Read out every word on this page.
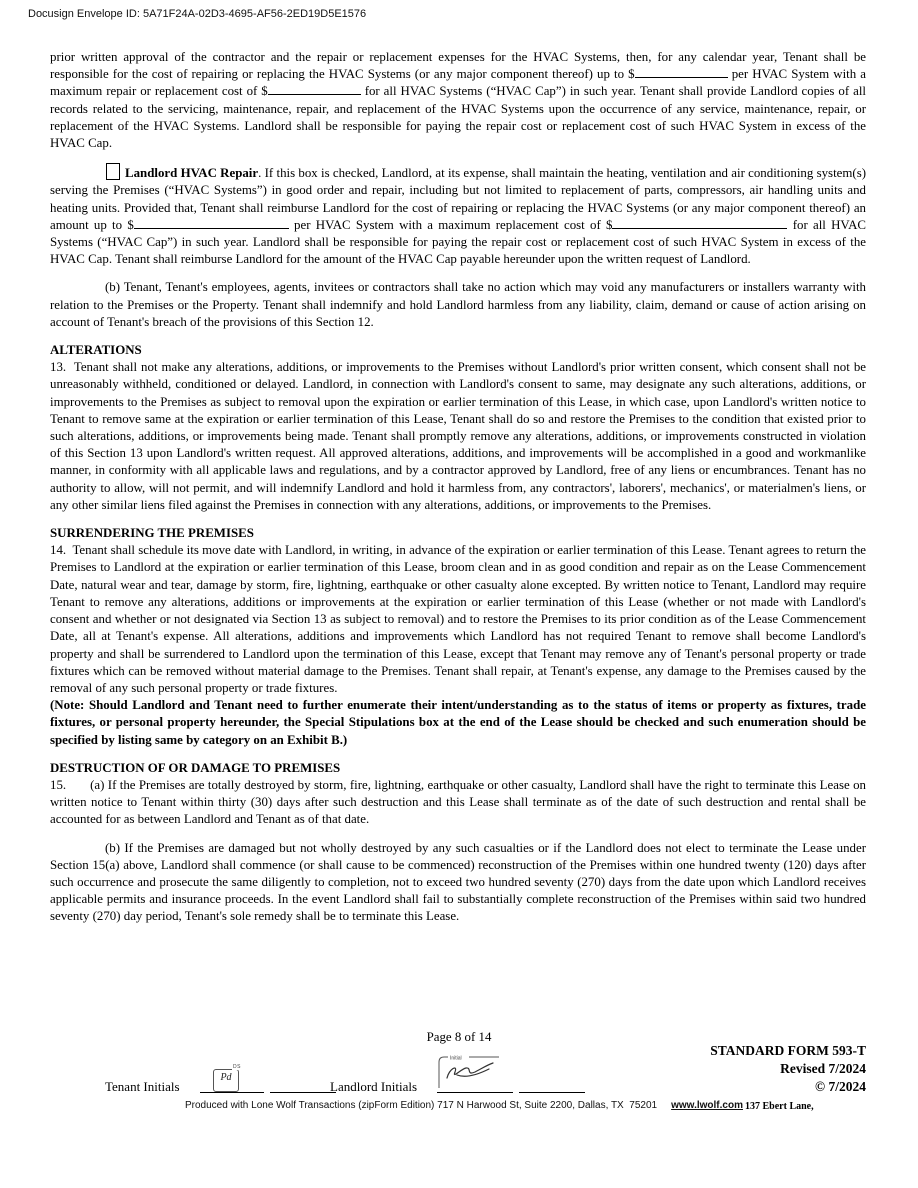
Docusign Envelope ID: 5A71F24A-02D3-4695-AF56-2ED19D5E1576

prior written approval of the contractor and the repair or replacement expenses for the HVAC Systems, then, for any calendar year, Tenant shall be responsible for the cost of repairing or replacing the HVAC Systems (or any major component thereof) up to $	per HVAC System with a maximum repair or replacement cost of $	for all HVAC Systems (“HVAC Cap”) in such year. Tenant shall provide Landlord copies of all records related to the servicing, maintenance, repair, and replacement of the HVAC Systems upon the occurrence of any service, maintenance, repair, or replacement of the HVAC Systems. Landlord shall be responsible for paying the repair cost or replacement cost of such HVAC System in excess of the HVAC Cap.

Landlord HVAC Repair. If this box is checked, Landlord, at its expense, shall maintain the heating, ventilation and air conditioning system(s) serving the Premises (“HVAC Systems”) in good order and repair, including but not limited to replacement of parts, compressors, air handling units and heating units. Provided that, Tenant shall reimburse Landlord for the cost of repairing or replacing the HVAC Systems (or any major component thereof) an amount up to $	per HVAC System with a maximum replacement cost of $	for all HVAC Systems (“HVAC Cap”) in such year. Landlord shall be responsible for paying the repair cost or replacement cost of such HVAC System in excess of the HVAC Cap. Tenant shall reimburse Landlord for the amount of the HVAC Cap payable hereunder upon the written request of Landlord.

(b) Tenant, Tenant's employees, agents, invitees or contractors shall take no action which may void any manufacturers or installers warranty with relation to the Premises or the Property. Tenant shall indemnify and hold Landlord harmless from any liability, claim, demand or cause of action arising on account of Tenant's breach of the provisions of this Section 12.

ALTERATIONS

13.  Tenant shall not make any alterations, additions, or improvements to the Premises without Landlord's prior written consent, which consent shall not be unreasonably withheld, conditioned or delayed. Landlord, in connection with Landlord's consent to same, may designate any such alterations, additions, or improvements to the Premises as subject to removal upon the expiration or earlier termination of this Lease, in which case, upon Landlord's written notice to Tenant to remove same at the expiration or earlier termination of this Lease, Tenant shall do so and restore the Premises to the condition that existed prior to such alterations, additions, or improvements being made. Tenant shall promptly remove any alterations, additions, or improvements constructed in violation of this Section 13 upon Landlord's written request. All approved alterations, additions, and improvements will be accomplished in a good and workmanlike manner, in conformity with all applicable laws and regulations, and by a contractor approved by Landlord, free of any liens or encumbrances. Tenant has no authority to allow, will not permit, and will indemnify Landlord and hold it harmless from, any contractors', laborers', mechanics', or materialmen's liens, or any other similar liens filed against the Premises in connection with any alterations, additions, or improvements to the Premises.

SURRENDERING THE PREMISES

14.  Tenant shall schedule its move date with Landlord, in writing, in advance of the expiration or earlier termination of this Lease. Tenant agrees to return the Premises to Landlord at the expiration or earlier termination of this Lease, broom clean and in as good condition and repair as on the Lease Commencement Date, natural wear and tear, damage by storm, fire, lightning, earthquake or other casualty alone excepted. By written notice to Tenant, Landlord may require Tenant to remove any alterations, additions or improvements at the expiration or earlier termination of this Lease (whether or not made with Landlord's consent and whether or not designated via Section 13 as subject to removal) and to restore the Premises to its prior condition as of the Lease Commencement Date, all at Tenant's expense. All alterations, additions and improvements which Landlord has not required Tenant to remove shall become Landlord's property and shall be surrendered to Landlord upon the termination of this Lease, except that Tenant may remove any of Tenant's personal property or trade fixtures which can be removed without material damage to the Premises. Tenant shall repair, at Tenant's expense, any damage to the Premises caused by the removal of any such personal property or trade fixtures.

(Note: Should Landlord and Tenant need to further enumerate their intent/understanding as to the status of items or property as fixtures, trade fixtures, or personal property hereunder, the Special Stipulations box at the end of the Lease should be checked and such enumeration should be specified by listing same by category on an Exhibit B.)

DESTRUCTION OF OR DAMAGE TO PREMISES

15. (a) If the Premises are totally destroyed by storm, fire, lightning, earthquake or other casualty, Landlord shall have the right to terminate this Lease on written notice to Tenant within thirty (30) days after such destruction and this Lease shall terminate as of the date of such destruction and rental shall be accounted for as between Landlord and Tenant as of that date.

(b) If the Premises are damaged but not wholly destroyed by any such casualties or if the Landlord does not elect to terminate the Lease under Section 15(a) above, Landlord shall commence (or shall cause to be commenced) reconstruction of the Premises within one hundred twenty (120) days after such occurrence and prosecute the same diligently to completion, not to exceed two hundred seventy (270) days from the date upon which Landlord receives applicable permits and insurance proceeds. In the event Landlord shall fail to substantially complete reconstruction of the Premises within said two hundred seventy (270) day period, Tenant's sole remedy shall be to terminate this Lease.

Page 8 of 14
STANDARD FORM 593-T
Revised 7/2024
© 7/2024
Tenant Initials
DS
Pd
Landlord Initials
Initial
Produced with Lone Wolf Transactions (zipForm Edition) 717 N Harwood St, Suite 2200, Dallas, TX  75201 www.lwolf.com 137 Ebert Lane,
